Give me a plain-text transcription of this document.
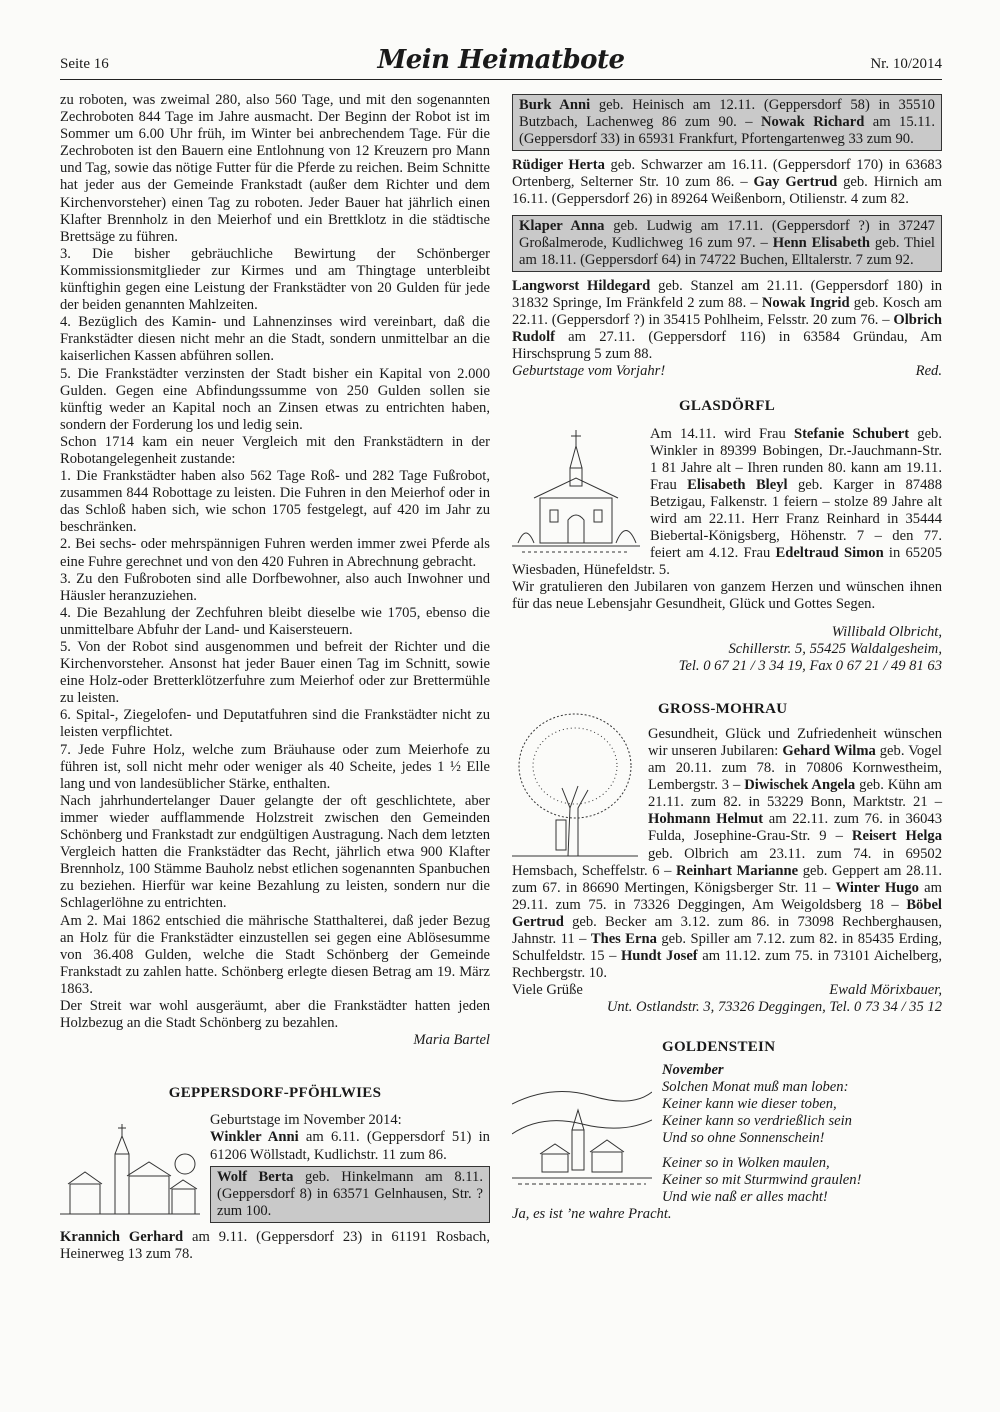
Seite 16	Mein Heimatbote	Nr. 10/2014

zu roboten, was zweimal 280, also 560 Tage, und mit den sogenannten Zechroboten 844 Tage im Jahre ausmacht. Der Beginn der Robot ist im Sommer um 6.00 Uhr früh, im Winter bei anbrechendem Tage. Für die Zechroboten ist den Bauern eine Entlohnung von 12 Kreuzern pro Mann und Tag, sowie das nötige Futter für die Pferde zu reichen. Beim Schnitte hat jeder aus der Gemeinde Frankstadt (außer dem Richter und dem Kirchenvorsteher) einen Tag zu roboten. Jeder Bauer hat jährlich einen Klafter Brennholz in den Meierhof und ein Brettklotz in die städtische Brettsäge zu führen.

3. Die bisher gebräuchliche Bewirtung der Schönberger Kommissionsmitglieder zur Kirmes und am Thingtage unterbleibt künftighin gegen eine Leistung der Frankstädter von 20 Gulden für jede der beiden genannten Mahlzeiten.

4. Bezüglich des Kamin- und Lahnenzinses wird vereinbart, daß die Frankstädter diesen nicht mehr an die Stadt, sondern unmittelbar an die kaiserlichen Kassen abführen sollen.

5. Die Frankstädter verzinsten der Stadt bisher ein Kapital von 2.000 Gulden. Gegen eine Abfindungssumme von 250 Gulden sollen sie künftig weder an Kapital noch an Zinsen etwas zu entrichten haben, sondern der Forderung los und ledig sein.

Schon 1714 kam ein neuer Vergleich mit den Frankstädtern in der Robotangelegenheit zustande:

1. Die Frankstädter haben also 562 Tage Roß- und 282 Tage Fußrobot, zusammen 844 Robottage zu leisten. Die Fuhren in den Meierhof oder in das Schloß haben sich, wie schon 1705 festgelegt, auf 420 im Jahr zu beschränken.

2. Bei sechs- oder mehrspännigen Fuhren werden immer zwei Pferde als eine Fuhre gerechnet und von den 420 Fuhren in Abrechnung gebracht.

3. Zu den Fußroboten sind alle Dorfbewohner, also auch Inwohner und Häusler heranzuziehen.

4. Die Bezahlung der Zechfuhren bleibt dieselbe wie 1705, ebenso die unmittelbare Abfuhr der Land- und Kaisersteuern.

5. Von der Robot sind ausgenommen und befreit der Richter und die Kirchenvorsteher. Ansonst hat jeder Bauer einen Tag im Schnitt, sowie eine Holz-oder Bretterklötzerfuhre zum Meierhof oder zur Brettermühle zu leisten.

6. Spital-, Ziegelofen- und Deputatfuhren sind die Frankstädter nicht zu leisten verpflichtet.

7. Jede Fuhre Holz, welche zum Bräuhause oder zum Meierhofe zu führen ist, soll nicht mehr oder weniger als 40 Scheite, jedes 1 ½ Elle lang und von landesüblicher Stärke, enthalten.

Nach jahrhundertelanger Dauer gelangte der oft geschlichtete, aber immer wieder aufflammende Holzstreit zwischen den Gemeinden Schönberg und Frankstadt zur endgültigen Austragung. Nach dem letzten Vergleich hatten die Frankstädter das Recht, jährlich etwa 900 Klafter Brennholz, 100 Stämme Bauholz nebst etlichen sogenannten Spanbuchen zu beziehen. Hierfür war keine Bezahlung zu leisten, sondern nur die Schlagerlöhne zu entrichten.

Am 2. Mai 1862 entschied die mährische Statthalterei, daß jeder Bezug an Holz für die Frankstädter einzustellen sei gegen eine Ablösesumme von 36.408 Gulden, welche die Stadt Schönberg der Gemeinde Frankstadt zu zahlen hatte. Schönberg erlegte diesen Betrag am 19. März 1863.

Der Streit war wohl ausgeräumt, aber die Frankstädter hatten jeden Holzbezug an die Stadt Schönberg zu bezahlen.

Maria Bartel

GEPPERSDORF-PFÖHLWIES

Geburtstage im November 2014:

Winkler Anni am 6.11. (Geppersdorf 51) in 61206 Wöllstadt, Kudlichstr. 11 zum 86.

Wolf Berta geb. Hinkelmann am 8.11. (Geppersdorf 8) in 63571 Gelnhausen, Str. ? zum 100.

Krannich Gerhard am 9.11. (Geppersdorf 23) in 61191 Rosbach, Heinerweg 13 zum 78.

Burk Anni geb. Heinisch am 12.11. (Geppersdorf 58) in 35510 Butzbach, Lachenweg 86 zum 90. – Nowak Richard am 15.11. (Geppersdorf 33) in 65931 Frankfurt, Pfortengartenweg 33 zum 90.

Rüdiger Herta geb. Schwarzer am 16.11. (Geppersdorf 170) in 63683 Ortenberg, Selterner Str. 10 zum 86. – Gay Gertrud geb. Hirnich am 16.11. (Geppersdorf 26) in 89264 Weißenborn, Otilienstr. 4 zum 82.

Klaper Anna geb. Ludwig am 17.11. (Geppersdorf ?) in 37247 Großalmerode, Kudlichweg 16 zum 97. – Henn Elisabeth geb. Thiel am 18.11. (Geppersdorf 64) in 74722 Buchen, Elltalerstr. 7 zum 92.

Langworst Hildegard geb. Stanzel am 21.11. (Geppersdorf 180) in 31832 Springe, Im Fränkfeld 2 zum 88. – Nowak Ingrid geb. Kosch am 22.11. (Geppersdorf ?) in 35415 Pohlheim, Felsstr. 20 zum 76. – Olbrich Rudolf am 27.11. (Geppersdorf 116) in 63584 Gründau, Am Hirschsprung 5 zum 88.

Geburtstage vom Vorjahr!	Red.

GLASDÖRFL

Am 14.11. wird Frau Stefanie Schubert geb. Winkler in 89399 Bobingen, Dr.-Jauchmann-Str. 1 81 Jahre alt – Ihren runden 80. kann am 19.11. Frau Elisabeth Bleyl geb. Karger in 87488 Betzigau, Falkenstr. 1 feiern – stolze 89 Jahre alt wird am 22.11. Herr Franz Reinhard in 35444 Biebertal-Königsberg, Höhenstr. 7 – den 77. feiert am 4.12. Frau Edeltraud Simon in 65205 Wiesbaden, Hünefeldstr. 5.

Wir gratulieren den Jubilaren von ganzem Herzen und wünschen ihnen für das neue Lebensjahr Gesundheit, Glück und Gottes Segen.

Willibald Olbricht,

Schillerstr. 5, 55425 Waldalgesheim,

Tel. 0 67 21 / 3 34 19, Fax 0 67 21 / 49 81 63

GROSS-MOHRAU

Gesundheit, Glück und Zufriedenheit wünschen wir unseren Jubilaren: Gehard Wilma geb. Vogel am 20.11. zum 78. in 70806 Kornwestheim, Lembergstr. 3 – Diwischek Angela geb. Kühn am 21.11. zum 82. in 53229 Bonn, Marktstr. 21 – Hohmann Helmut am 22.11. zum 76. in 36043 Fulda, Josephine-Grau-Str. 9 – Reisert Helga geb. Olbrich am 23.11. zum 74. in 69502 Hemsbach, Scheffelstr. 6 – Reinhart Marianne geb. Geppert am 28.11. zum 67. in 86690 Mertingen, Königsberger Str. 11 – Winter Hugo am 29.11. zum 75. in 73326 Deggingen, Am Weigoldsberg 18 – Böbel Gertrud geb. Becker am 3.12. zum 86. in 73098 Rechberghausen, Jahnstr. 11 – Thes Erna geb. Spiller am 7.12. zum 82. in 85435 Erding, Schulfeldstr. 15 – Hundt Josef am 11.12. zum 75. in 73101 Aichelberg, Rechbergstr. 10.

Viele Grüße	Ewald Mörixbauer,

Unt. Ostlandstr. 3, 73326 Deggingen, Tel. 0 73 34 / 35 12

GOLDENSTEIN

November

Solchen Monat muß man loben:

Keiner kann wie dieser toben,

Keiner kann so verdrießlich sein

Und so ohne Sonnenschein!

Keiner so in Wolken maulen,

Keiner so mit Sturmwind graulen!

Und wie naß er alles macht!

Ja, es ist ’ne wahre Pracht.
